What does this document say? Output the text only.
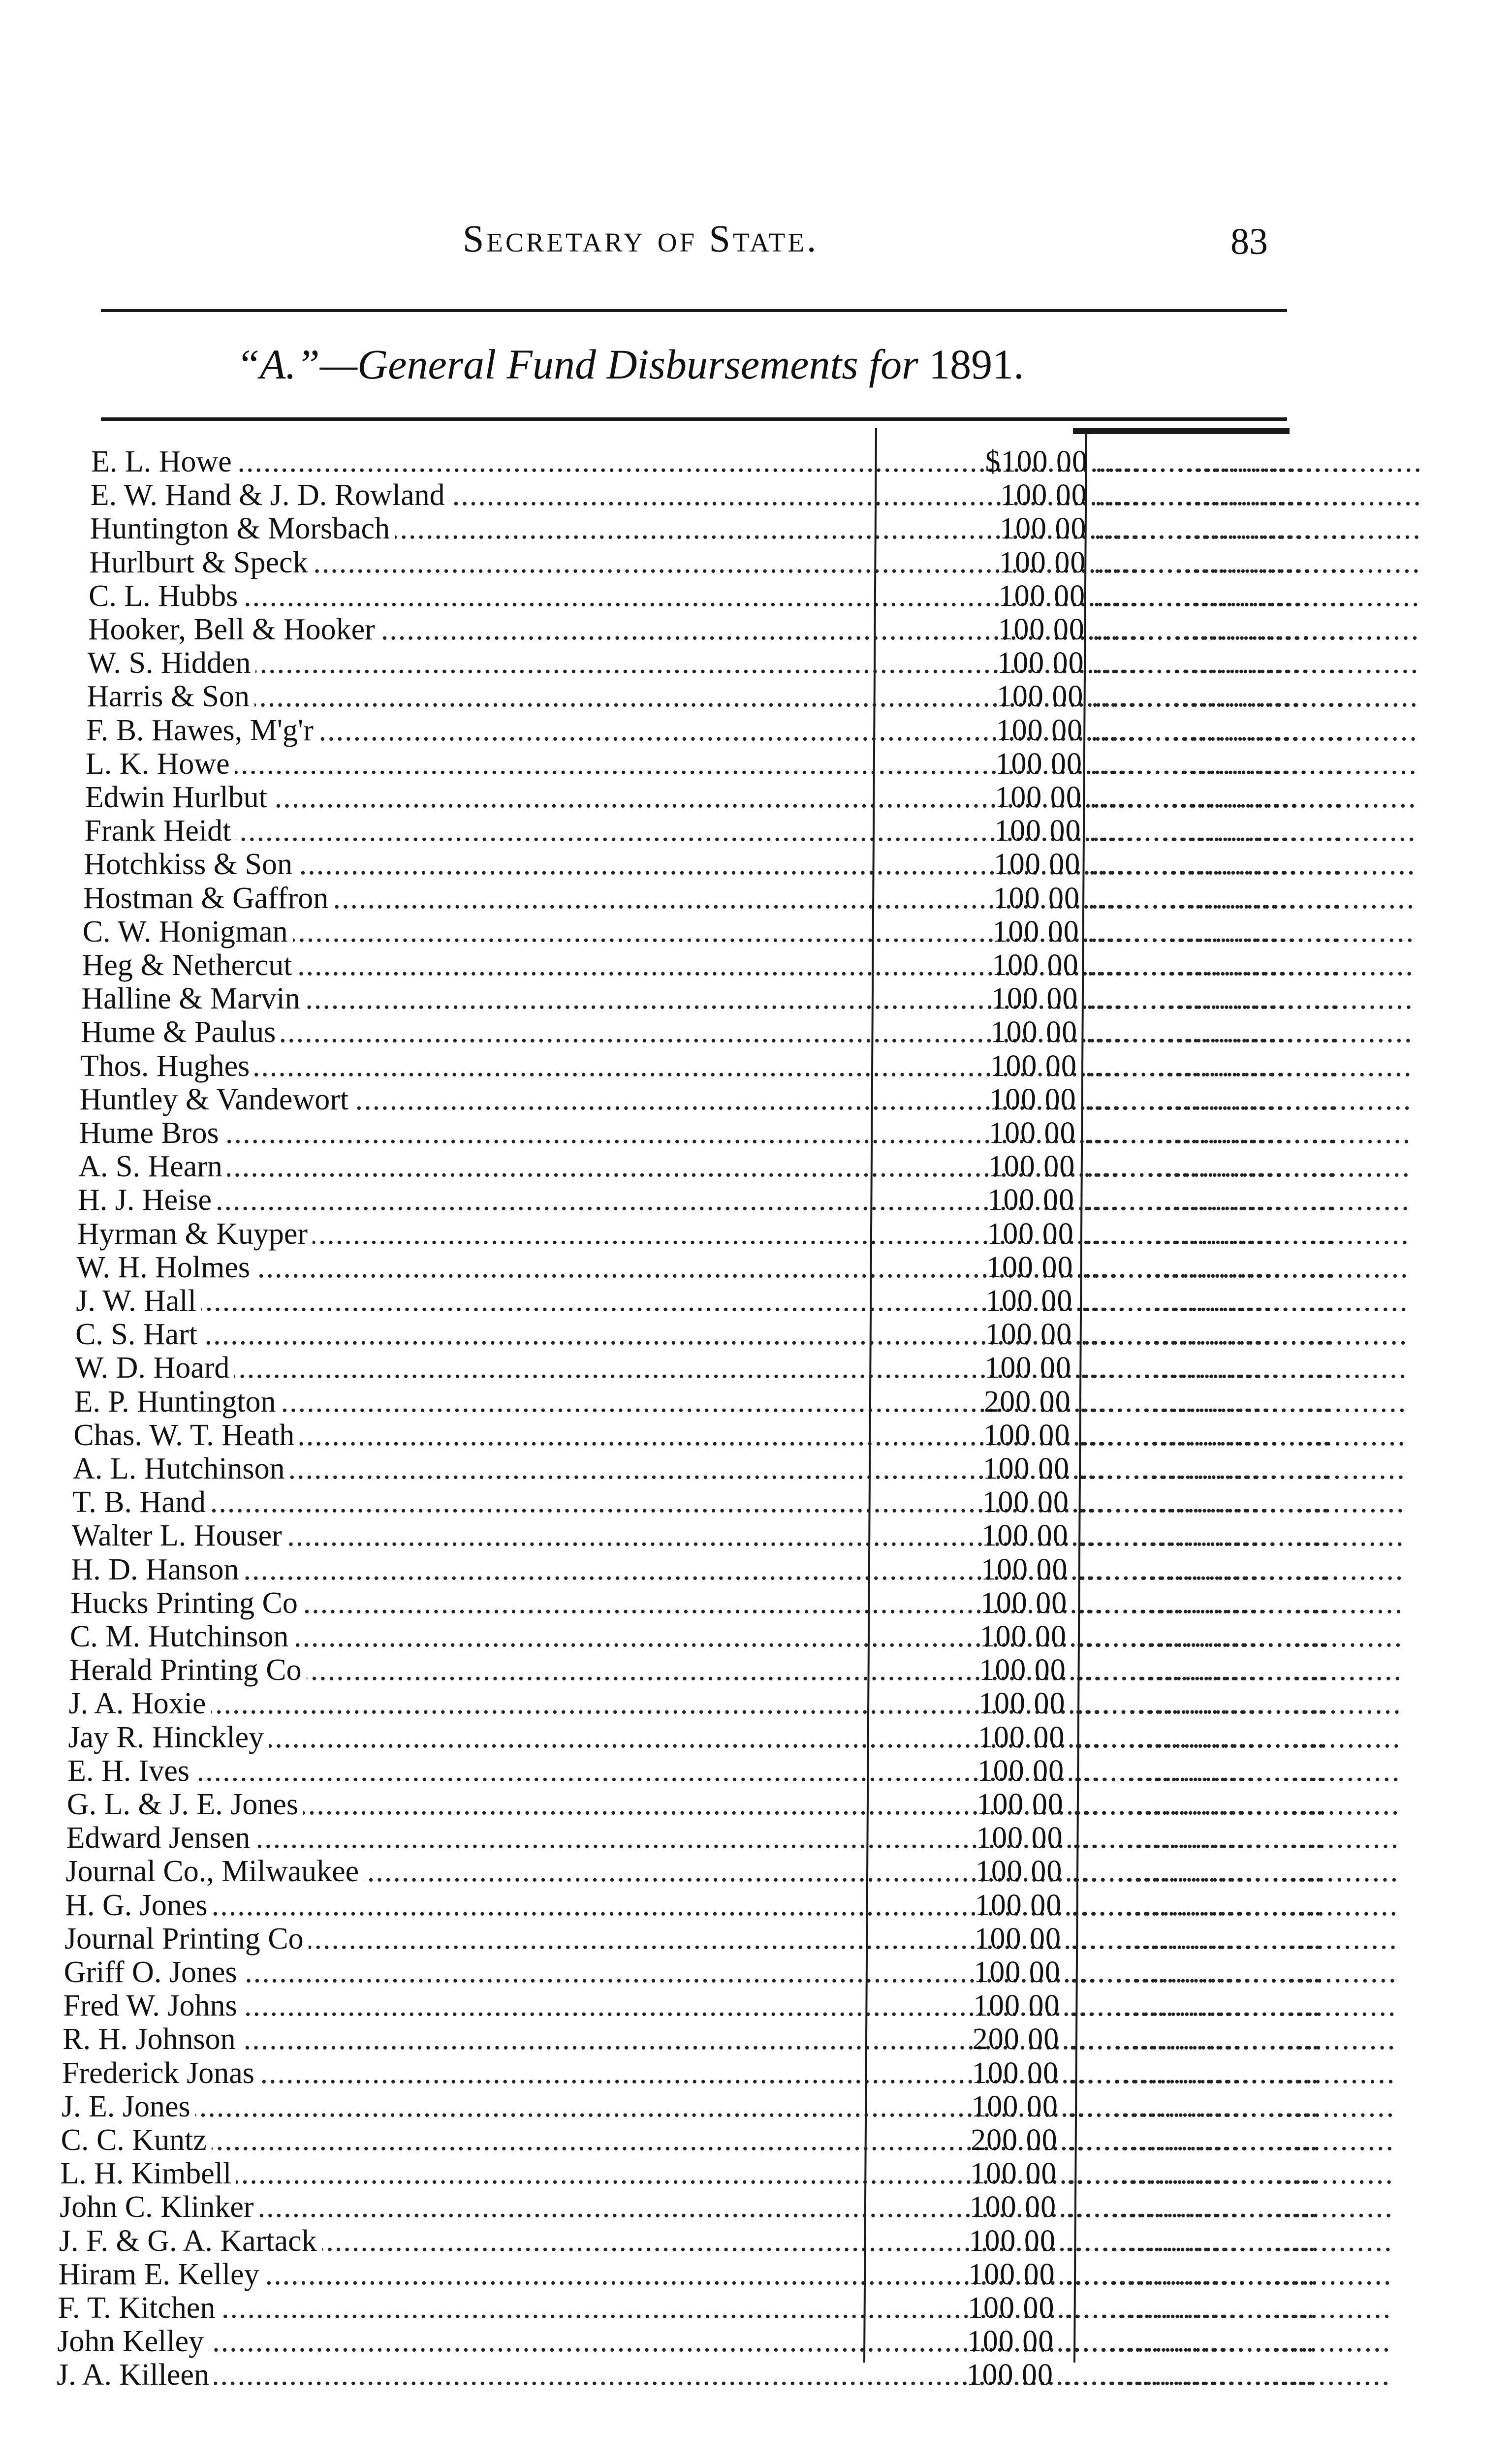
Secretary of State.	83
“A.”—General Fund Disbursements for 1891.
E. L. Howe .....	$100 00 ....................................
E. W. Hand & J. D. Rowland .....	100 00 ....................................
Huntington & Morsbach .....	100 00 ....................................
Hurlburt & Speck .....	100 00 ....................................
C. L. Hubbs .....	100 00 ....................................
Hooker, Bell & Hooker .....	100 00 ....................................
W. S. Hidden .....	100 00 ....................................
Harris & Son .....	100 00 ....................................
F. B. Hawes, M'g'r .....	100 00 ....................................
L. K. Howe .....	100 00 ....................................
Edwin Hurlbut .....	100 00 ....................................
Frank Heidt .....	100 00 ....................................
Hotchkiss & Son .....	100 00 ....................................
Hostman & Gaffron .....	100 00 ....................................
C. W. Honigman .....	100 00 ....................................
Heg & Nethercut .....	100 00 ....................................
Halline & Marvin .....	100 00 ....................................
Hume & Paulus .....	100 00 ....................................
Thos. Hughes .....	100 00 ....................................
Huntley & Vandewort .....	100 00 ....................................
Hume Bros .....	100 00 ....................................
A. S. Hearn .....	100 00 ....................................
H. J. Heise .....	100 00 ....................................
Hyrman & Kuyper .....	100 00 ....................................
W. H. Holmes .....	100 00 ....................................
J. W. Hall .....	100 00 ....................................
C. S. Hart .....	100 00 ....................................
W. D. Hoard .....	100 00 ....................................
E. P. Huntington .....	200 00 ....................................
Chas. W. T. Heath .....	100 00 ....................................
A. L. Hutchinson .....	100 00 ....................................
T. B. Hand .....	100 00 ....................................
Walter L. Houser .....	100 00 ....................................
H. D. Hanson .....	100 00 ....................................
Hucks Printing Co .....	100 00 ....................................
C. M. Hutchinson .....	100 00 ....................................
Herald Printing Co .....	100 00 ....................................
J. A. Hoxie .....	100 00 ....................................
Jay R. Hinckley .....	100 00 ....................................
E. H. Ives .....	100 00 ....................................
G. L. & J. E. Jones .....	100 00 ....................................
Edward Jensen .....	100 00 ....................................
Journal Co., Milwaukee .....	100 00 ....................................
H. G. Jones .....	100 00 ....................................
Journal Printing Co .....	100 00 ....................................
Griff O. Jones .....	100 00 ....................................
Fred W. Johns .....	100 00 ....................................
R. H. Johnson .....	200 00 ....................................
Frederick Jonas .....	100 00 ....................................
J. E. Jones .....	100 00 ....................................
C. C. Kuntz .....	200 00 ....................................
L. H. Kimbell .....	100 00 ....................................
John C. Klinker .....	100 00 ....................................
J. F. & G. A. Kartack .....	100 00 ....................................
Hiram E. Kelley .....	100 00 ....................................
F. T. Kitchen .....	100 00 ....................................
John Kelley .....	100 00 ....................................
J. A. Killeen .....	100 00 ....................................
